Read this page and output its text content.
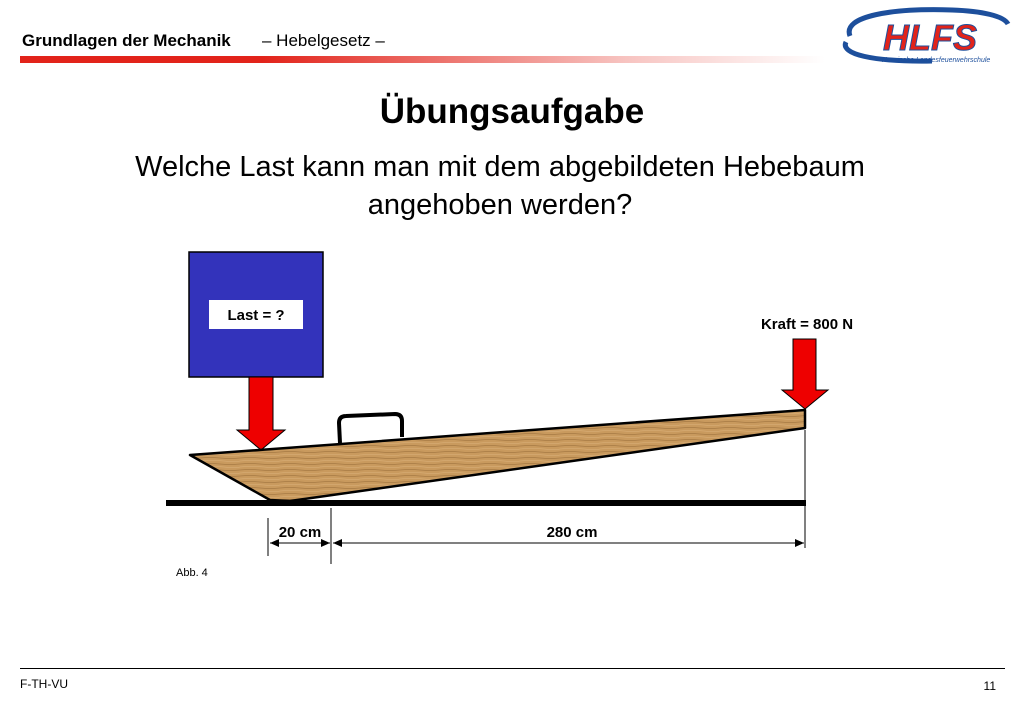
Grundlagen der Mechanik – Hebelgesetz –	HLFS
Hessische Landesfeuerwehrschule
Übungsaufgabe
Welche Last kann man mit dem abgebildeten Hebebaum angehoben werden?
Last = ?
Kraft = 800 N
20 cm	280 cm
Abb. 4
F-TH-VU	11
